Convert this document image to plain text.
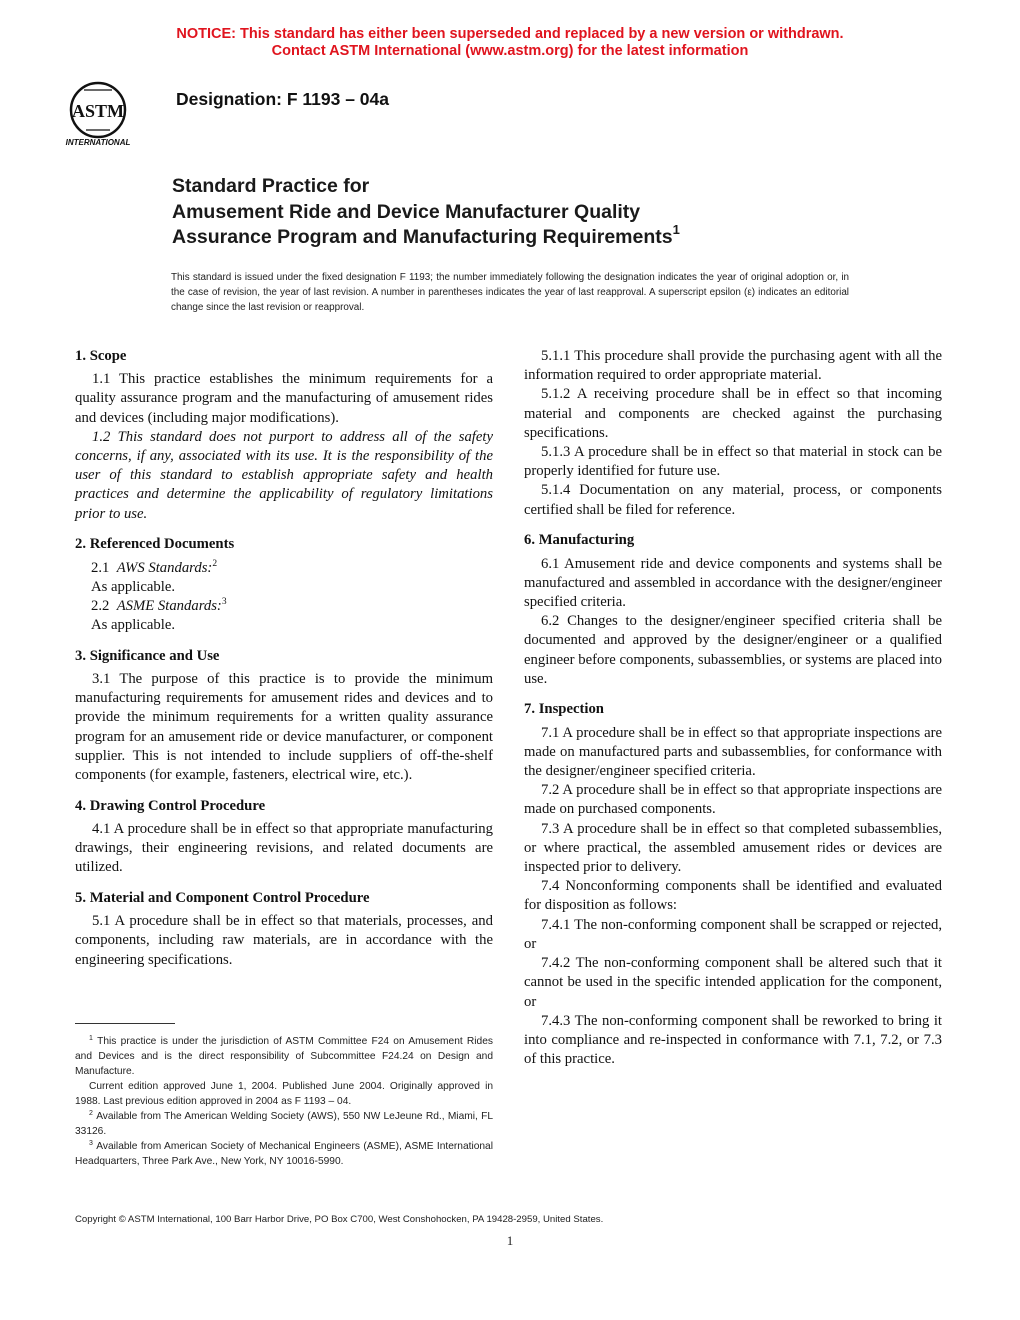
NOTICE: This standard has either been superseded and replaced by a new version or withdrawn.
Contact ASTM International (www.astm.org) for the latest information
ASTM
INTERNATIONAL
Designation: F 1193 – 04a
Standard Practice for
Amusement Ride and Device Manufacturer Quality
Assurance Program and Manufacturing Requirements$^1$
This standard is issued under the fixed designation F 1193; the number immediately following the designation indicates the year of original adoption or, in the case of revision, the year of last revision. A number in parentheses indicates the year of last reapproval. A superscript epsilon (ε) indicates an editorial change since the last revision or reapproval.
1. Scope

1.1 This practice establishes the minimum requirements for a quality assurance program and the manufacturing of amusement rides and devices (including major modifications).

1.2 This standard does not purport to address all of the safety concerns, if any, associated with its use. It is the responsibility of the user of this standard to establish appropriate safety and health practices and determine the applicability of regulatory limitations prior to use.

2. Referenced Documents
2.1 AWS Standards:$^2$
As applicable.
2.2 ASME Standards:$^3$
As applicable.
3. Significance and Use

3.1 The purpose of this practice is to provide the minimum manufacturing requirements for amusement rides and devices and to provide the minimum requirements for a written quality assurance program for an amusement ride or device manufacturer, or component supplier. This is not intended to include suppliers of off-the-shelf components (for example, fasteners, electrical wire, etc.).

4. Drawing Control Procedure

4.1 A procedure shall be in effect so that appropriate manufacturing drawings, their engineering revisions, and related documents are utilized.

5. Material and Component Control Procedure

5.1 A procedure shall be in effect so that materials, processes, and components, including raw materials, are in accordance with the engineering specifications.

5.1.1 This procedure shall provide the purchasing agent with all the information required to order appropriate material.

5.1.2 A receiving procedure shall be in effect so that incoming material and components are checked against the purchasing specifications.

5.1.3 A procedure shall be in effect so that material in stock can be properly identified for future use.

5.1.4 Documentation on any material, process, or components certified shall be filed for reference.

6. Manufacturing

6.1 Amusement ride and device components and systems shall be manufactured and assembled in accordance with the designer/engineer specified criteria.

6.2 Changes to the designer/engineer specified criteria shall be documented and approved by the designer/engineer or a qualified engineer before components, subassemblies, or systems are placed into use.

7. Inspection

7.1 A procedure shall be in effect so that appropriate inspections are made on manufactured parts and subassemblies, for conformance with the designer/engineer specified criteria.

7.2 A procedure shall be in effect so that appropriate inspections are made on purchased components.

7.3 A procedure shall be in effect so that completed subassemblies, or where practical, the assembled amusement rides or devices are inspected prior to delivery.

7.4 Nonconforming components shall be identified and evaluated for disposition as follows:

7.4.1 The non-conforming component shall be scrapped or rejected, or

7.4.2 The non-conforming component shall be altered such that it cannot be used in the specific intended application for the component, or

7.4.3 The non-conforming component shall be reworked to bring it into compliance and re-inspected in conformance with 7.1, 7.2, or 7.3 of this practice.

$^1$ This practice is under the jurisdiction of ASTM Committee F24 on Amusement Rides and Devices and is the direct responsibility of Subcommittee F24.24 on Design and Manufacture.

Current edition approved June 1, 2004. Published June 2004. Originally approved in 1988. Last previous edition approved in 2004 as F 1193 – 04.

$^2$ Available from The American Welding Society (AWS), 550 NW LeJeune Rd., Miami, FL 33126.

$^3$ Available from American Society of Mechanical Engineers (ASME), ASME International Headquarters, Three Park Ave., New York, NY 10016-5990.

Copyright © ASTM International, 100 Barr Harbor Drive, PO Box C700, West Conshohocken, PA 19428-2959, United States.
1
